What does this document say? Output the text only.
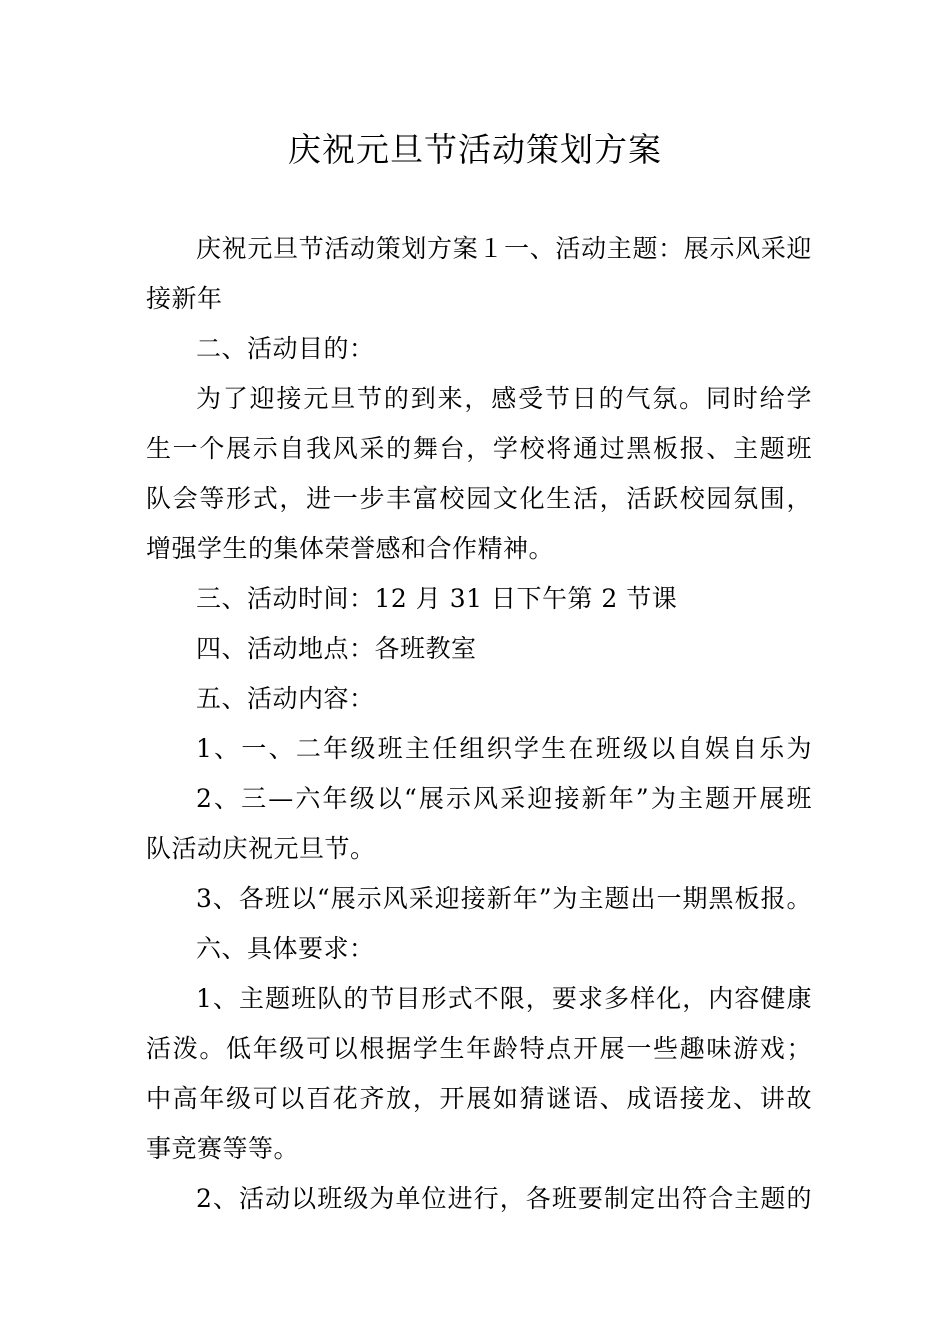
庆祝元旦节活动策划方案
庆祝元旦节活动策划方案１一、活动主题：展示风采迎
接新年
二、活动目的：
为了迎接元旦节的到来，感受节日的气氛。同时给学
生一个展示自我风采的舞台，学校将通过黑板报、主题班
队会等形式，进一步丰富校园文化生活，活跃校园氛围，
增强学生的集体荣誉感和合作精神。
三、活动时间：12 月 31 日下午第 2 节课
四、活动地点：各班教室
五、活动内容：
1、一、二年级班主任组织学生在班级以自娱自乐为
2、三—六年级以“展示风采迎接新年”为主题开展班
队活动庆祝元旦节。
3、各班以“展示风采迎接新年”为主题出一期黑板报。
六、具体要求：
1、主题班队的节目形式不限，要求多样化，内容健康
活泼。低年级可以根据学生年龄特点开展一些趣味游戏；
中高年级可以百花齐放，开展如猜谜语、成语接龙、讲故
事竞赛等等。
2、活动以班级为单位进行，各班要制定出符合主题的
